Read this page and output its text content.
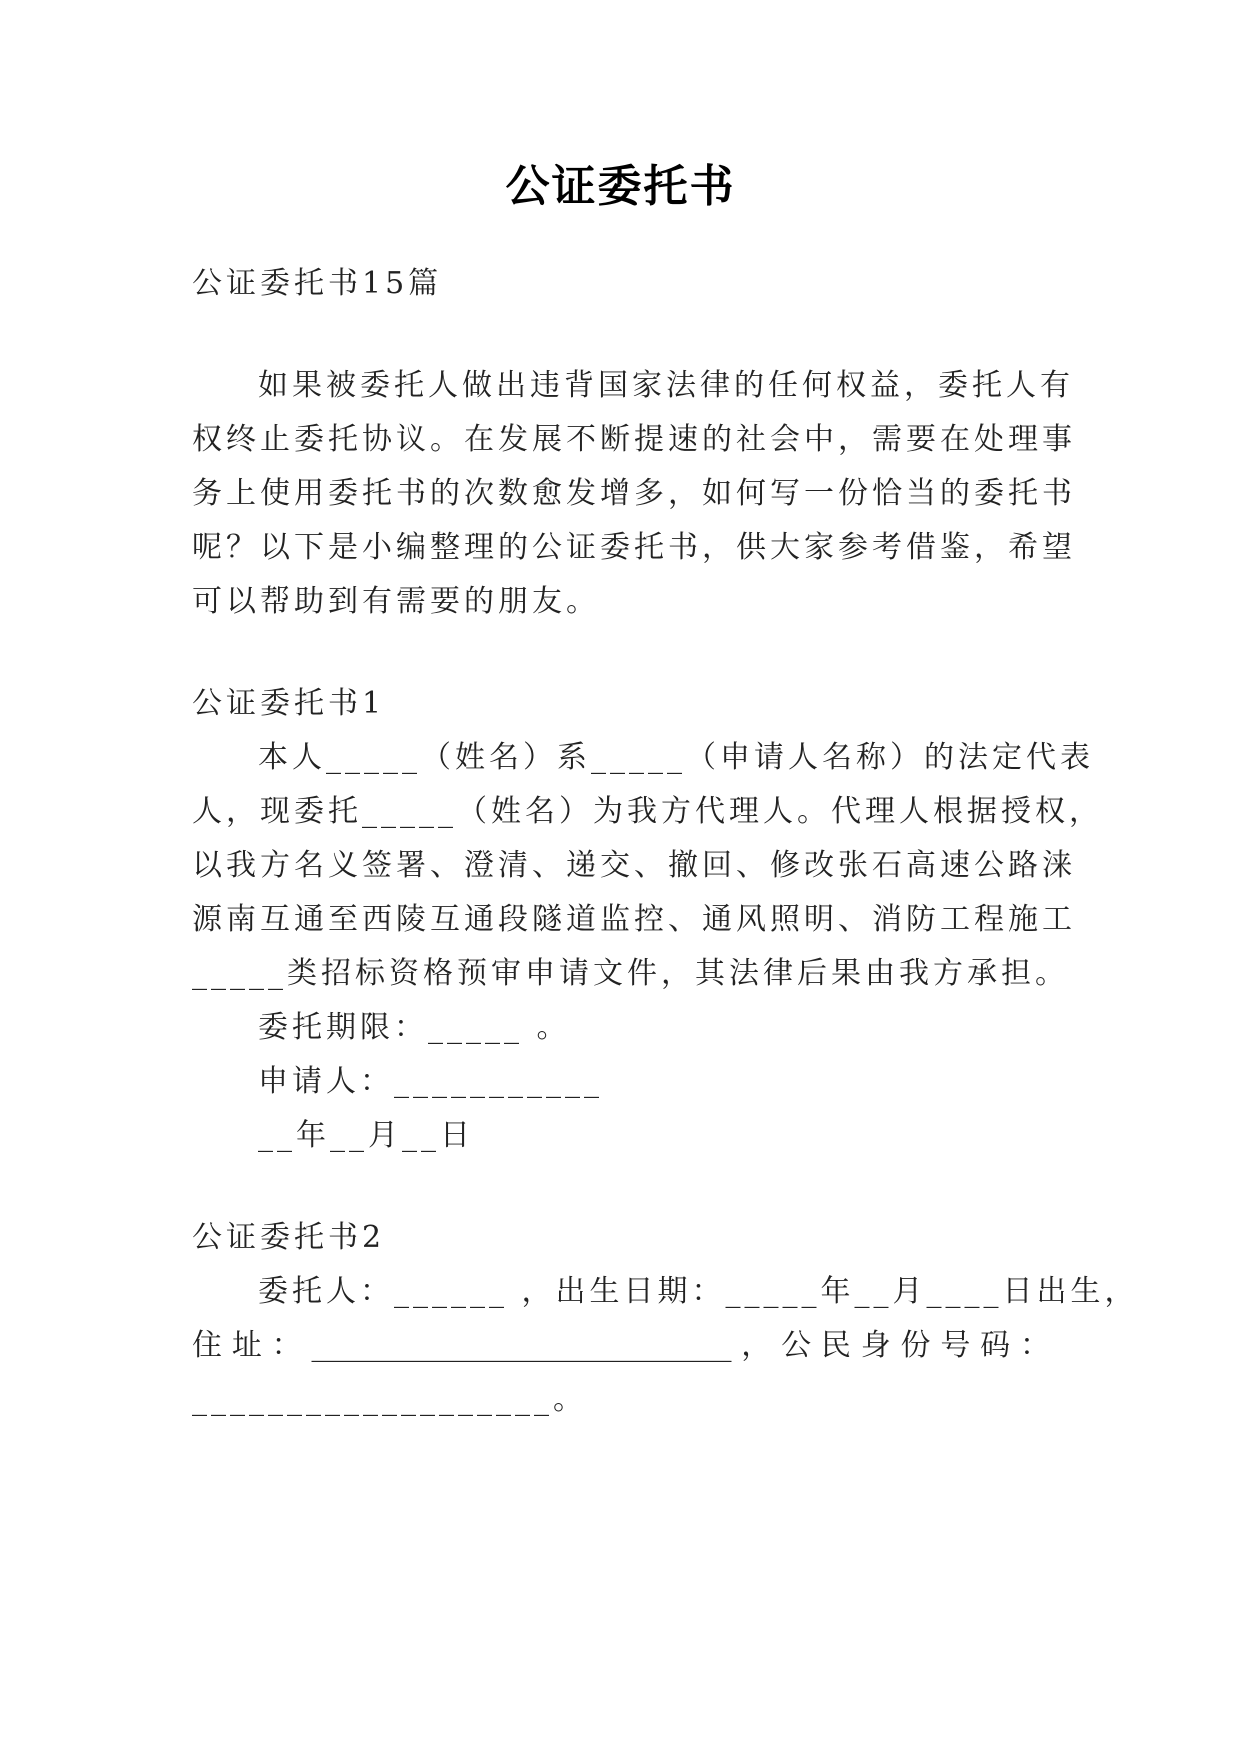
公证委托书
公证委托书15篇
如果被委托人做出违背国家法律的任何权益，委托人有
权终止委托协议。在发展不断提速的社会中，需要在处理事
务上使用委托书的次数愈发增多，如何写一份恰当的委托书
呢？以下是小编整理的公证委托书，供大家参考借鉴，希望
可以帮助到有需要的朋友。
公证委托书1
本人_____（姓名）系_____（申请人名称）的法定代表
人，现委托_____（姓名）为我方代理人。代理人根据授权，
以我方名义签署、澄清、递交、撤回、修改张石高速公路涞
源南互通至西陵互通段隧道监控、通风照明、消防工程施工
_____类招标资格预审申请文件，其法律后果由我方承担。
委托期限：_____ 。
申请人：___________
__年__月__日
公证委托书2
委托人：______ ，出生日期：_____年__月____日出生，
住址：____________________________，公民身份号码：
___________________。
